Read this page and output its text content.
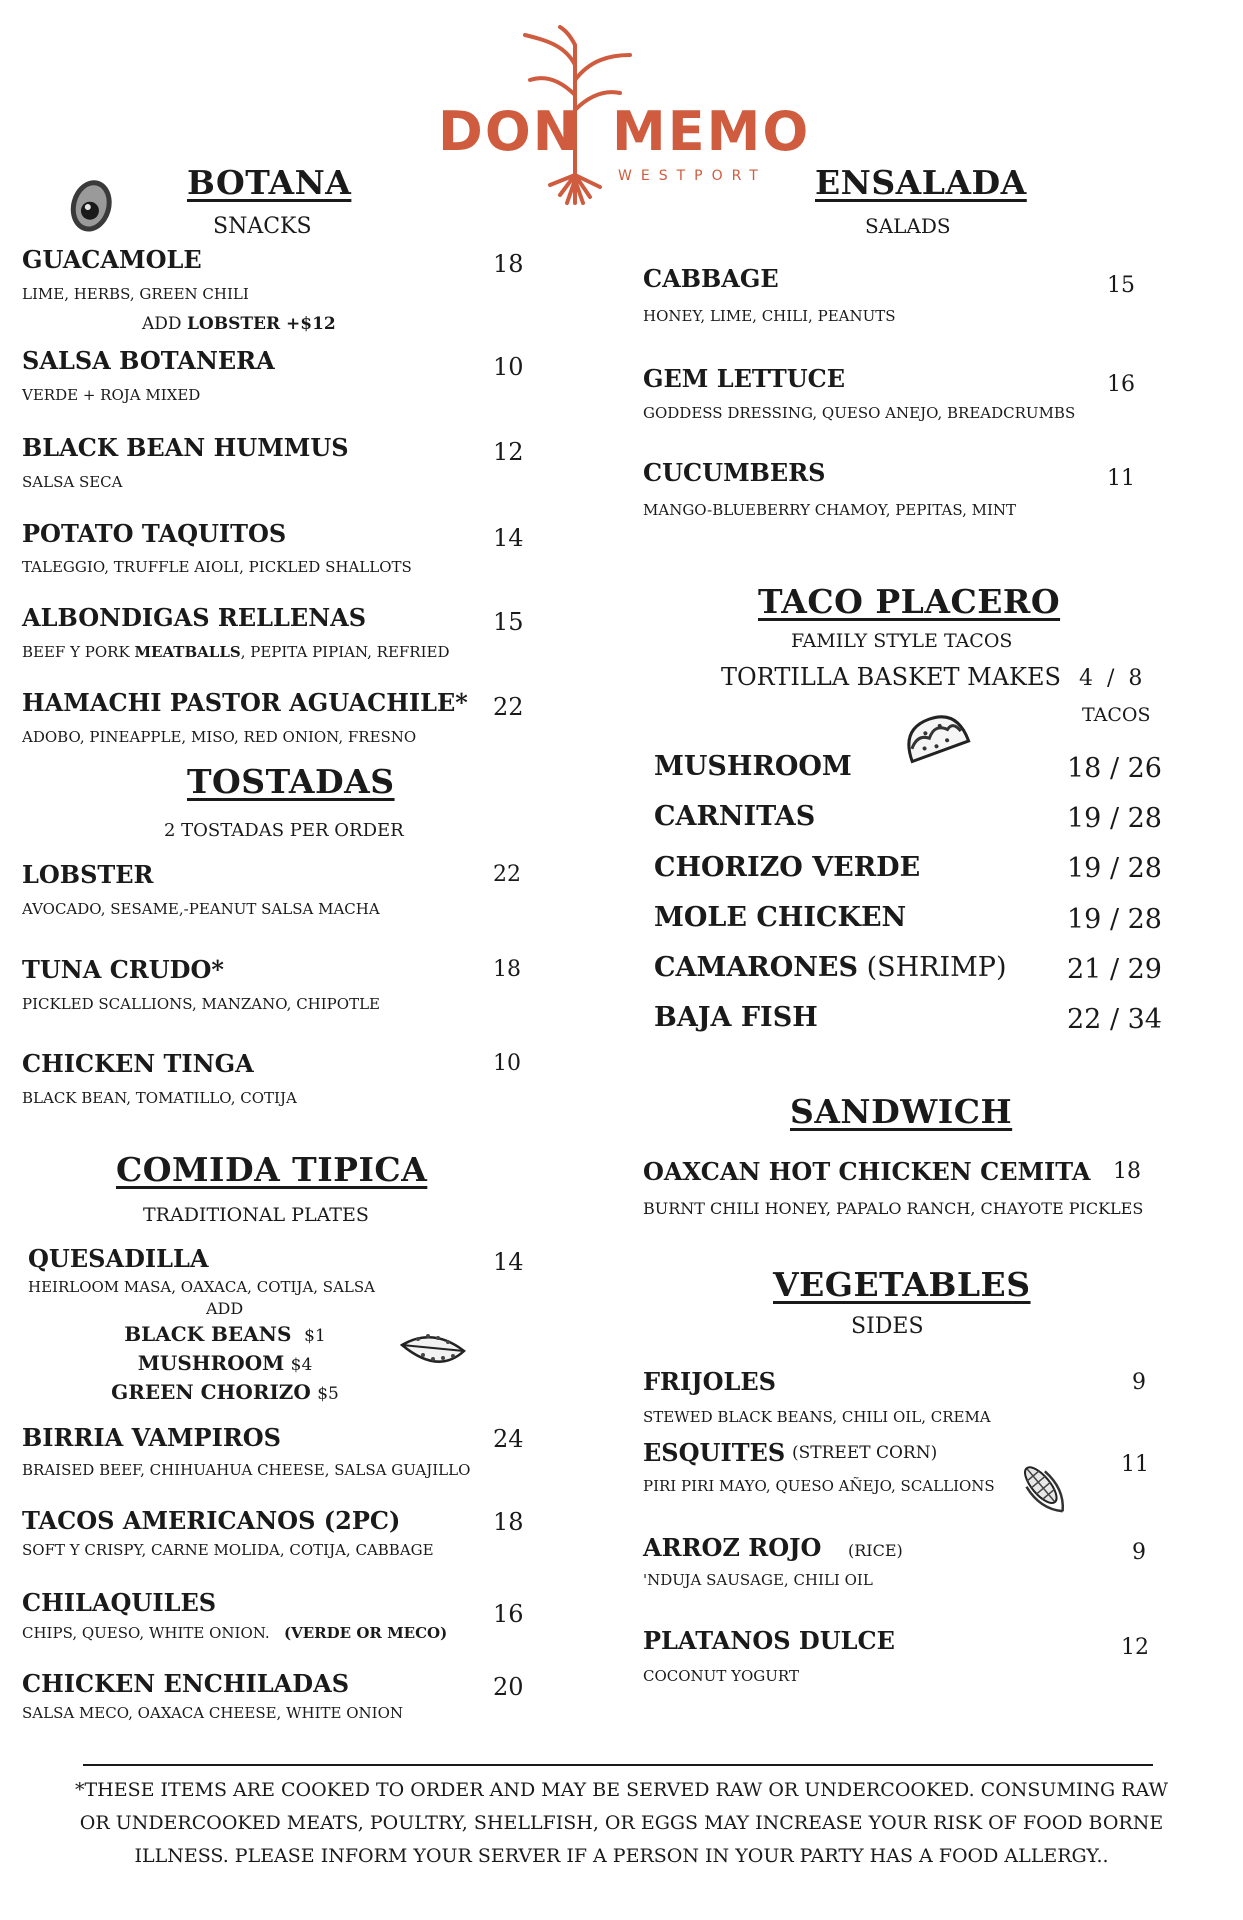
DON MEMO
WESTPORT
BOTANA
SNACKS
GUACAMOLE
LIME, HERBS, GREEN CHILI
18
ADD LOBSTER +$12
SALSA BOTANERA
VERDE + ROJA MIXED
10
BLACK BEAN HUMMUS
SALSA SECA
12
POTATO TAQUITOS
TALEGGIO, TRUFFLE AIOLI, PICKLED SHALLOTS
14
ALBONDIGAS RELLENAS
BEEF Y PORK MEATBALLS, PEPITA PIPIAN, REFRIED
15
HAMACHI PASTOR AGUACHILE*
ADOBO, PINEAPPLE, MISO, RED ONION, FRESNO
22
TOSTADAS
2 TOSTADAS PER ORDER
LOBSTER
AVOCADO, SESAME,-PEANUT SALSA MACHA
22
TUNA CRUDO*
PICKLED SCALLIONS, MANZANO, CHIPOTLE
18
CHICKEN TINGA
BLACK BEAN, TOMATILLO, COTIJA
10
COMIDA TIPICA
TRADITIONAL PLATES
QUESADILLA
HEIRLOOM MASA, OAXACA, COTIJA, SALSA
14
ADD
BLACK BEANS $1
MUSHROOM $4
GREEN CHORIZO $5
BIRRIA VAMPIROS
BRAISED BEEF, CHIHUAHUA CHEESE, SALSA GUAJILLO
24
TACOS AMERICANOS (2PC)
SOFT Y CRISPY, CARNE MOLIDA, COTIJA, CABBAGE
18
CHILAQUILES
CHIPS, QUESO, WHITE ONION. (VERDE OR MECO)
16
CHICKEN ENCHILADAS
SALSA MECO, OAXACA CHEESE, WHITE ONION
20
ENSALADA
SALADS
CABBAGE
HONEY, LIME, CHILI, PEANUTS
15
GEM LETTUCE
GODDESS DRESSING, QUESO ANEJO, BREADCRUMBS
16
CUCUMBERS
MANGO-BLUEBERRY CHAMOY, PEPITAS, MINT
11
TACO PLACERO
FAMILY STYLE TACOS
TORTILLA BASKET MAKES 4  /  8
TACOS
MUSHROOM	18 / 26
CARNITAS	19 / 28
CHORIZO VERDE	19 / 28
MOLE CHICKEN	19 / 28
CAMARONES (SHRIMP) 21 / 29
BAJA FISH	22 / 34
SANDWICH
OAXCAN HOT CHICKEN CEMITA 18
BURNT CHILI HONEY, PAPALO RANCH, CHAYOTE PICKLES
VEGETABLES
SIDES
FRIJOLES
STEWED BLACK BEANS, CHILI OIL, CREMA
9
ESQUITES (STREET CORN)
PIRI PIRI MAYO, QUESO AÑEJO, SCALLIONS
11
ARROZ ROJO (RICE)
'NDUJA SAUSAGE, CHILI OIL
9
PLATANOS DULCE
COCONUT YOGURT
12
*THESE ITEMS ARE COOKED TO ORDER AND MAY BE SERVED RAW OR UNDERCOOKED. CONSUMING RAW
OR UNDERCOOKED MEATS, POULTRY, SHELLFISH, OR EGGS MAY INCREASE YOUR RISK OF FOOD BORNE
ILLNESS. PLEASE INFORM YOUR SERVER IF A PERSON IN YOUR PARTY HAS A FOOD ALLERGY..
